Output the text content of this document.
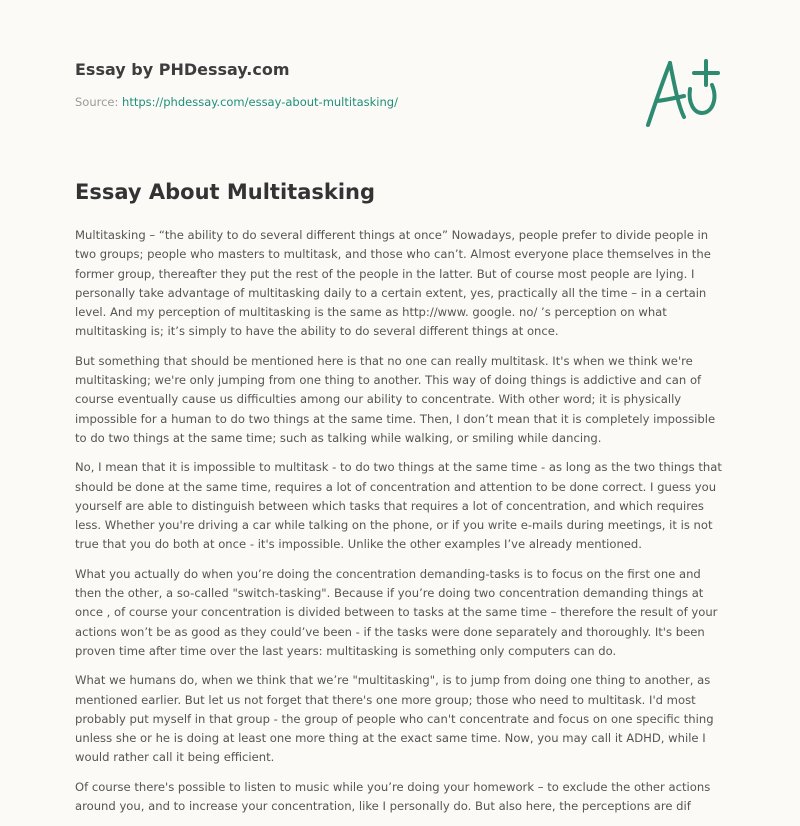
Essay by PHDessay.com
Source: https://phdessay.com/essay-about-multitasking/
Essay About Multitasking

Multitasking – “the ability to do several different things at once” Nowadays, people prefer to divide people in two groups; people who masters to multitask, and those who can’t. Almost everyone place themselves in the former group, thereafter they put the rest of the people in the latter. But of course most people are lying. I personally take advantage of multitasking daily to a certain extent, yes, practically all the time – in a certain level. And my perception of multitasking is the same as http://www. google. no/ ’s perception on what multitasking is; it’s simply to have the ability to do several different things at once.

But something that should be mentioned here is that no one can really multitask. It's when we think we're multitasking; we're only jumping from one thing to another. This way of doing things is addictive and can of course eventually cause us difficulties among our ability to concentrate. With other word; it is physically impossible for a human to do two things at the same time. Then, I don’t mean that it is completely impossible to do two things at the same time; such as talking while walking, or smiling while dancing.

No, I mean that it is impossible to multitask - to do two things at the same time - as long as the two things that should be done at the same time, requires a lot of concentration and attention to be done correct. I guess you yourself are able to distinguish between which tasks that requires a lot of concentration, and which requires less. Whether you're driving a car while talking on the phone, or if you write e-mails during meetings, it is not true that you do both at once - it's impossible. Unlike the other examples I’ve already mentioned.

What you actually do when you’re doing the concentration demanding-tasks is to focus on the first one and then the other, a so-called "switch-tasking". Because if you’re doing two concentration demanding things at once , of course your concentration is divided between to tasks at the same time – therefore the result of your actions won’t be as good as they could’ve been - if the tasks were done separately and thoroughly. It's been proven time after time over the last years: multitasking is something only computers can do.

What we humans do, when we think that we’re "multitasking", is to jump from doing one thing to another, as mentioned earlier. But let us not forget that there's one more group; those who need to multitask. I'd most probably put myself in that group - the group of people who can't concentrate and focus on one specific thing unless she or he is doing at least one more thing at the exact same time. Now, you may call it ADHD, while I would rather call it being efficient.

Of course there's possible to listen to music while you’re doing your homework – to exclude the other actions around you, and to increase your concentration, like I personally do. But also here, the perceptions are dif
